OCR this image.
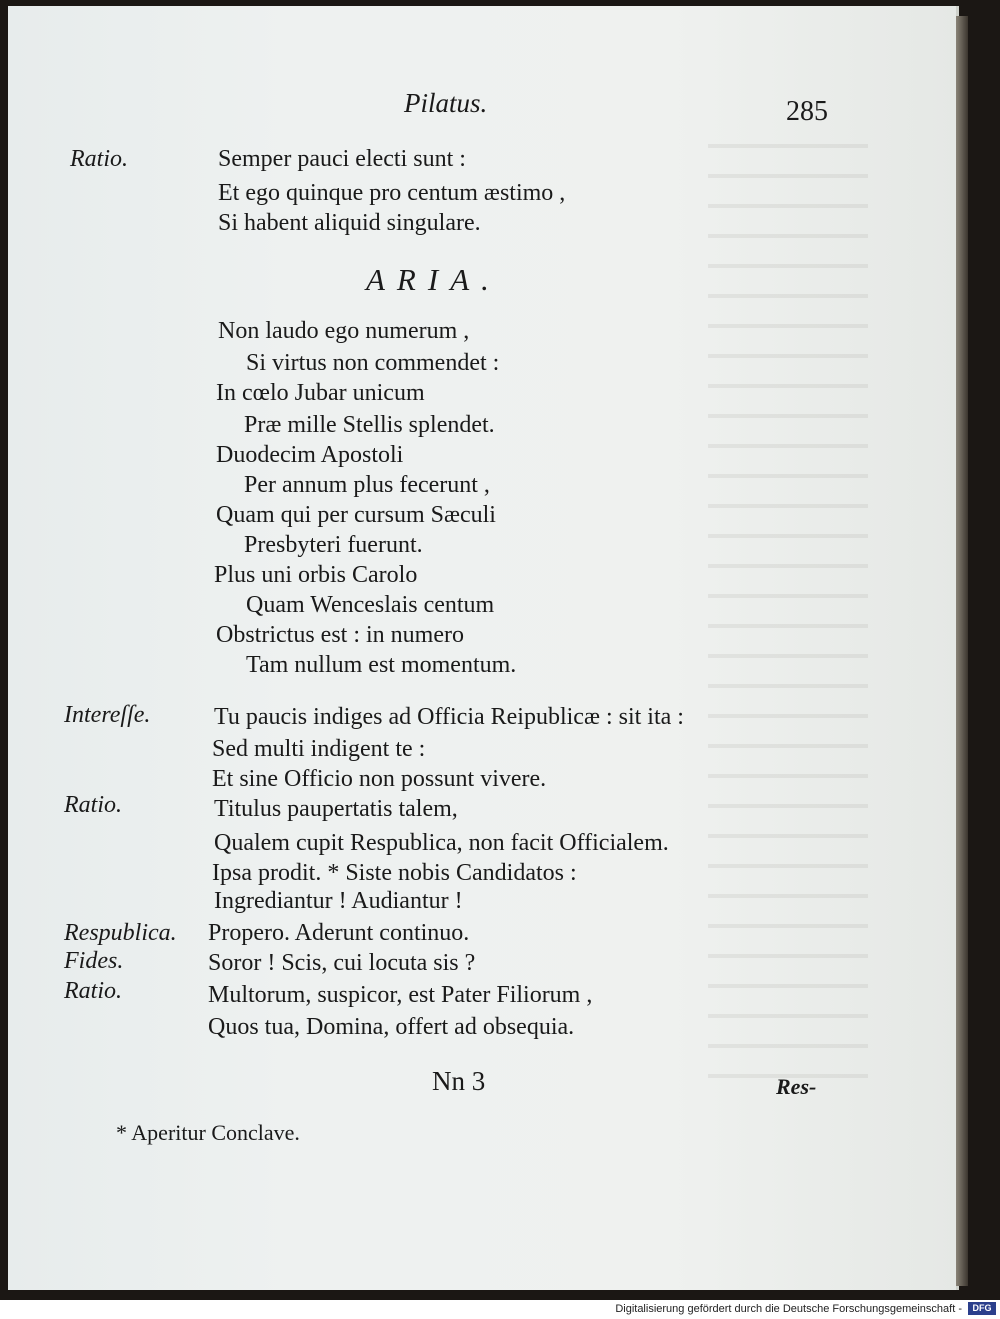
Pilatus.	285
Ratio.	Semper pauci electi sunt :
Et ego quinque pro centum æstimo ,
Si habent aliquid singulare.
ARIA.
Non laudo ego numerum ,
Si virtus non commendet :
In cœlo Jubar unicum
Præ mille Stellis splendet.
Duodecim Apostoli
Per annum plus fecerunt ,
Quam qui per cursum Sæculi
Presbyteri fuerunt.
Plus uni orbis Carolo
Quam Wenceslais centum
Obstrictus est : in numero
Tam nullum est momentum.
Intereſſe.	Tu paucis indiges ad Officia Reipublicæ : sit ita :
Sed multi indigent te :
Et sine Officio non possunt vivere.
Ratio.	Titulus paupertatis talem,
Qualem cupit Respublica, non facit Officialem.
Ipsa prodit. * Siste nobis Candidatos :
Ingrediantur ! Audiantur !
Respublica. Propero. Aderunt continuo.
Fides.	Soror ! Scis, cui locuta sis ?
Ratio.	Multorum, suspicor, est Pater Filiorum ,
Quos tua, Domina, offert ad obsequia.
Nn 3	Res-
* Aperitur Conclave.
Digitalisierung gefördert durch die Deutsche Forschungsgemeinschaft -	DFG
